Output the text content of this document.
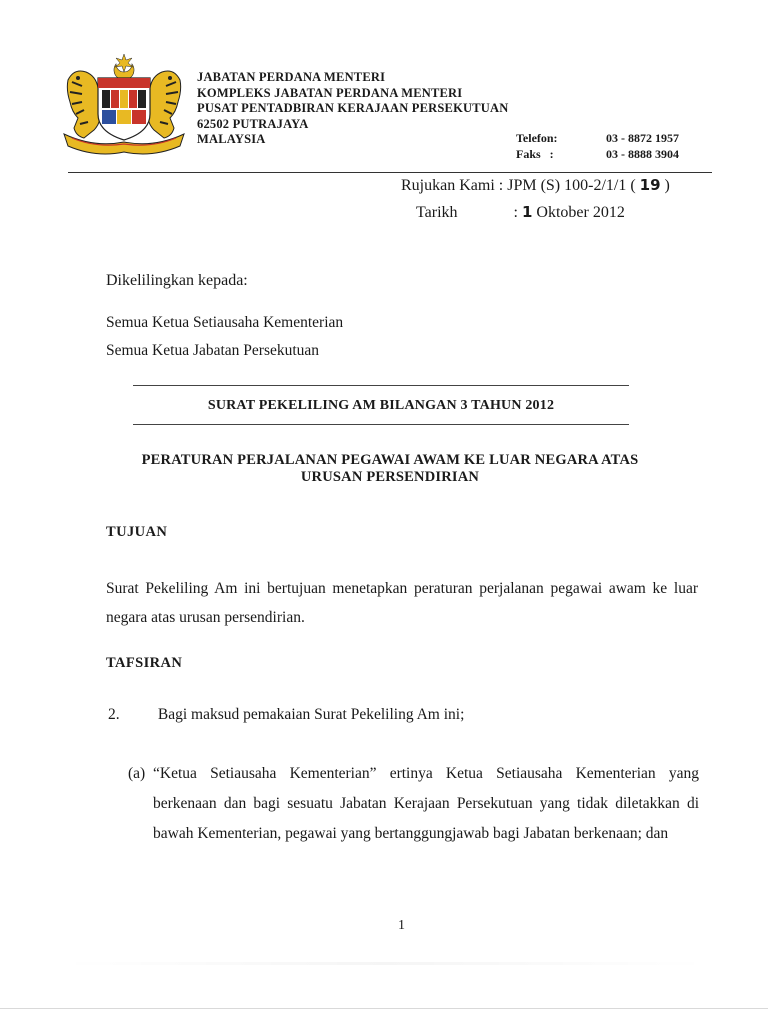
JABATAN PERDANA MENTERI
KOMPLEKS JABATAN PERDANA MENTERI
PUSAT PENTADBIRAN KERAJAAN PERSEKUTUAN
62502 PUTRAJAYA
MALAYSIA	Telefon:
Faks   :
03 - 8872 1957
03 - 8888 3904
Rujukan Kami : JPM (S) 100-2/1/1 ( 19 )
Tarikh	: 1 Oktober 2012
Dikelilingkan kepada:
Semua Ketua Setiausaha Kementerian
Semua Ketua Jabatan Persekutuan
SURAT PEKELILING AM BILANGAN 3 TAHUN 2012
PERATURAN PERJALANAN PEGAWAI AWAM KE LUAR NEGARA ATAS
URUSAN PERSENDIRIAN
TUJUAN
Surat Pekeliling Am ini bertujuan menetapkan peraturan perjalanan pegawai awam ke luar negara atas urusan persendirian.
TAFSIRAN
2. Bagi maksud pemakaian Surat Pekeliling Am ini;
(a) “Ketua Setiausaha Kementerian” ertinya Ketua Setiausaha Kementerian yang berkenaan dan bagi sesuatu Jabatan Kerajaan Persekutuan yang tidak diletakkan di bawah Kementerian, pegawai yang bertanggungjawab bagi Jabatan berkenaan; dan
1
